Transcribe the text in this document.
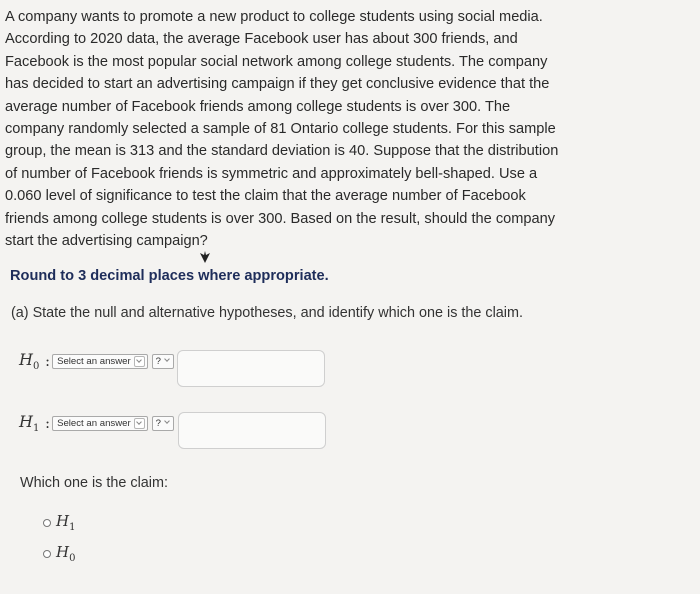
A company wants to promote a new product to college students using social media.
According to 2020 data, the average Facebook user has about 300 friends, and
Facebook is the most popular social network among college students. The company
has decided to start an advertising campaign if they get conclusive evidence that the
average number of Facebook friends among college students is over 300. The
company randomly selected a sample of 81 Ontario college students. For this sample
group, the mean is 313 and the standard deviation is 40. Suppose that the distribution
of number of Facebook friends is symmetric and approximately bell-shaped. Use a
0.060 level of significance to test the claim that the average number of Facebook
friends among college students is over 300. Based on the result, should the company
start the advertising campaign?
Round to 3 decimal places where appropriate.
(a) State the null and alternative hypotheses, and identify which one is the claim.
$H_0$ : Select an answer	?
$H_1$ : Select an answer	?
Which one is the claim:
$H_1$
$H_0$
